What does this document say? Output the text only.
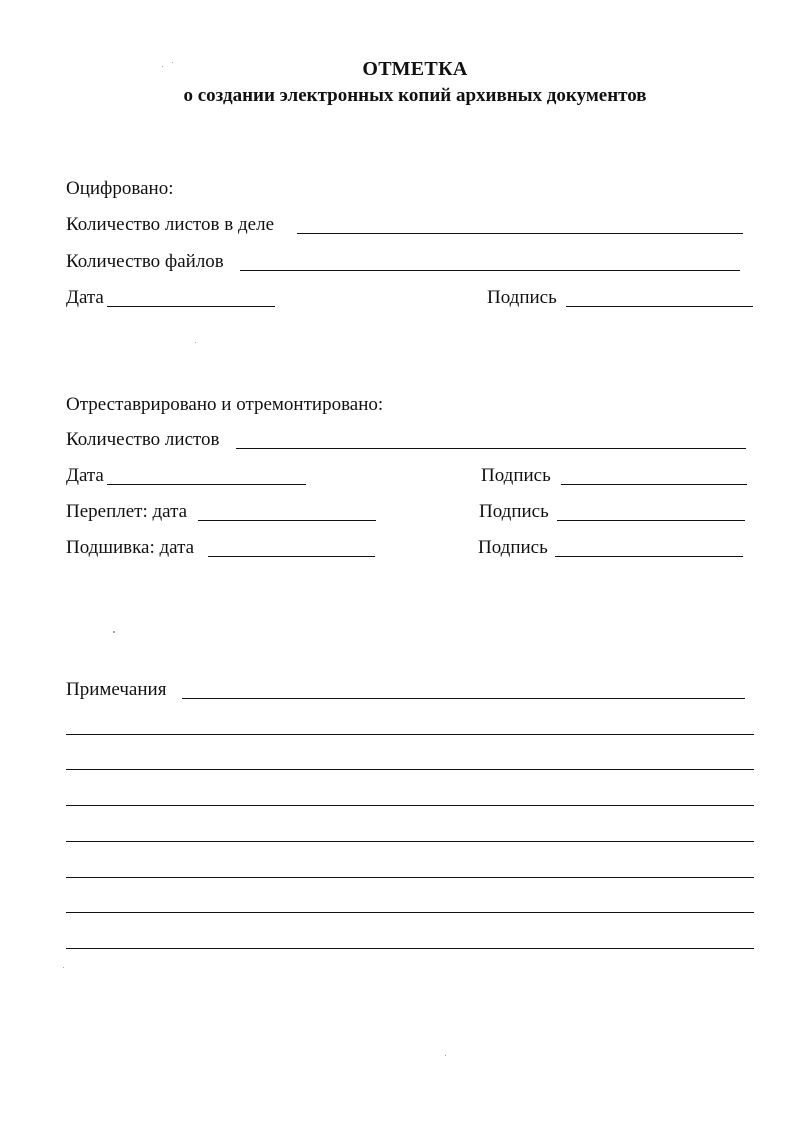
ОТМЕТКА
о создании электронных копий архивных документов
Оцифровано:
Количество листов в деле
Количество файлов
Дата	Подпись
Отреставрировано и отремонтировано:
Количество листов
Дата	Подпись
Переплет: дата	Подпись
Подшивка: дата	Подпись
Примечания
